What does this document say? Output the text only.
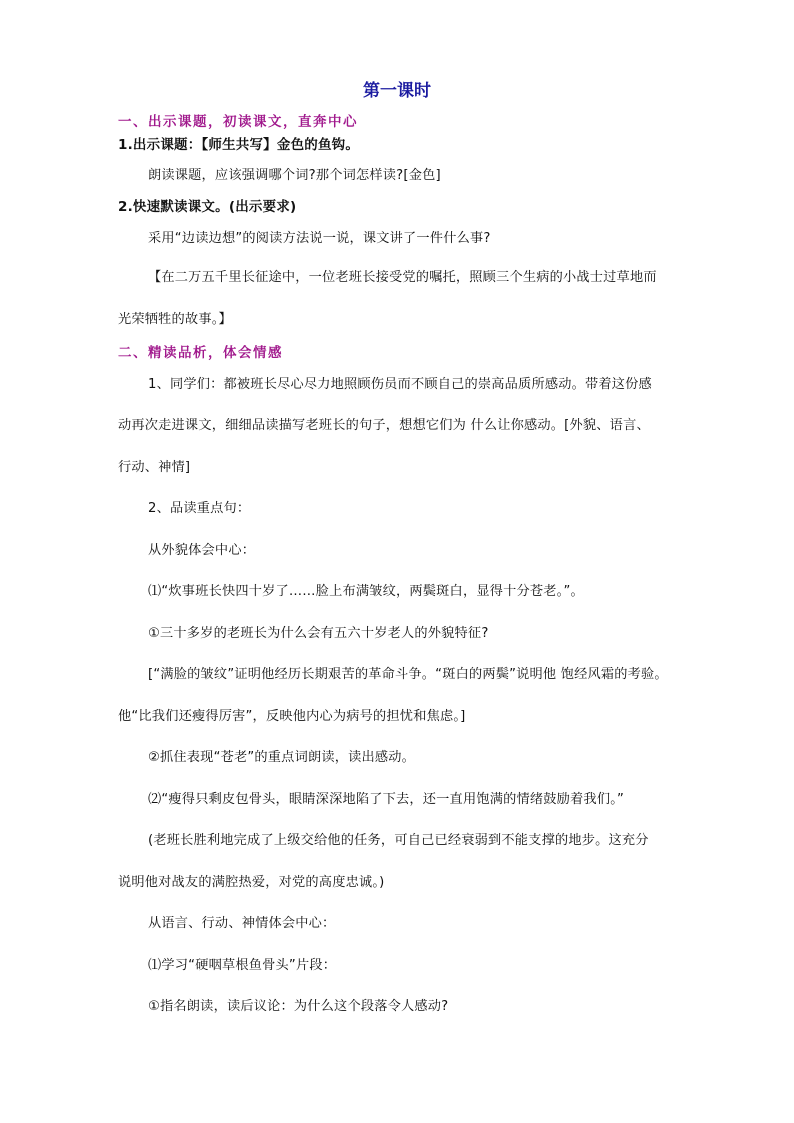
第一课时
一、出示课题，初读课文，直奔中心
1.出示课题：【师生共写】金色的鱼钩。
朗读课题，应该强调哪个词?那个词怎样读?[金色]
2.快速默读课文。(出示要求)
采用“边读边想”的阅读方法说一说，课文讲了一件什么事?
【在二万五千里长征途中，一位老班长接受党的嘱托，照顾三个生病的小战士过草地而
光荣牺牲的故事。】
二、精读品析，体会情感
1、同学们：都被班长尽心尽力地照顾伤员而不顾自己的崇高品质所感动。带着这份感
动再次走进课文，细细品读描写老班长的句子，想想它们为 什么让你感动。[外貌、语言、
行动、神情]
2、品读重点句：
从外貌体会中心：
⑴“炊事班长快四十岁了……脸上布满皱纹，两鬓斑白，显得十分苍老。”。
①三十多岁的老班长为什么会有五六十岁老人的外貌特征?
[“满脸的皱纹”证明他经历长期艰苦的革命斗争。“斑白的两鬓”说明他 饱经风霜的考验。
他“比我们还瘦得厉害”，反映他内心为病号的担忧和焦虑。]
②抓住表现“苍老”的重点词朗读，读出感动。
⑵“瘦得只剩皮包骨头，眼睛深深地陷了下去，还一直用饱满的情绪鼓励着我们。”
(老班长胜利地完成了上级交给他的任务，可自己已经衰弱到不能支撑的地步。这充分
说明他对战友的满腔热爱，对党的高度忠诚。)
从语言、行动、神情体会中心：
⑴学习“硬咽草根鱼骨头”片段：
①指名朗读，读后议论：为什么这个段落令人感动?
